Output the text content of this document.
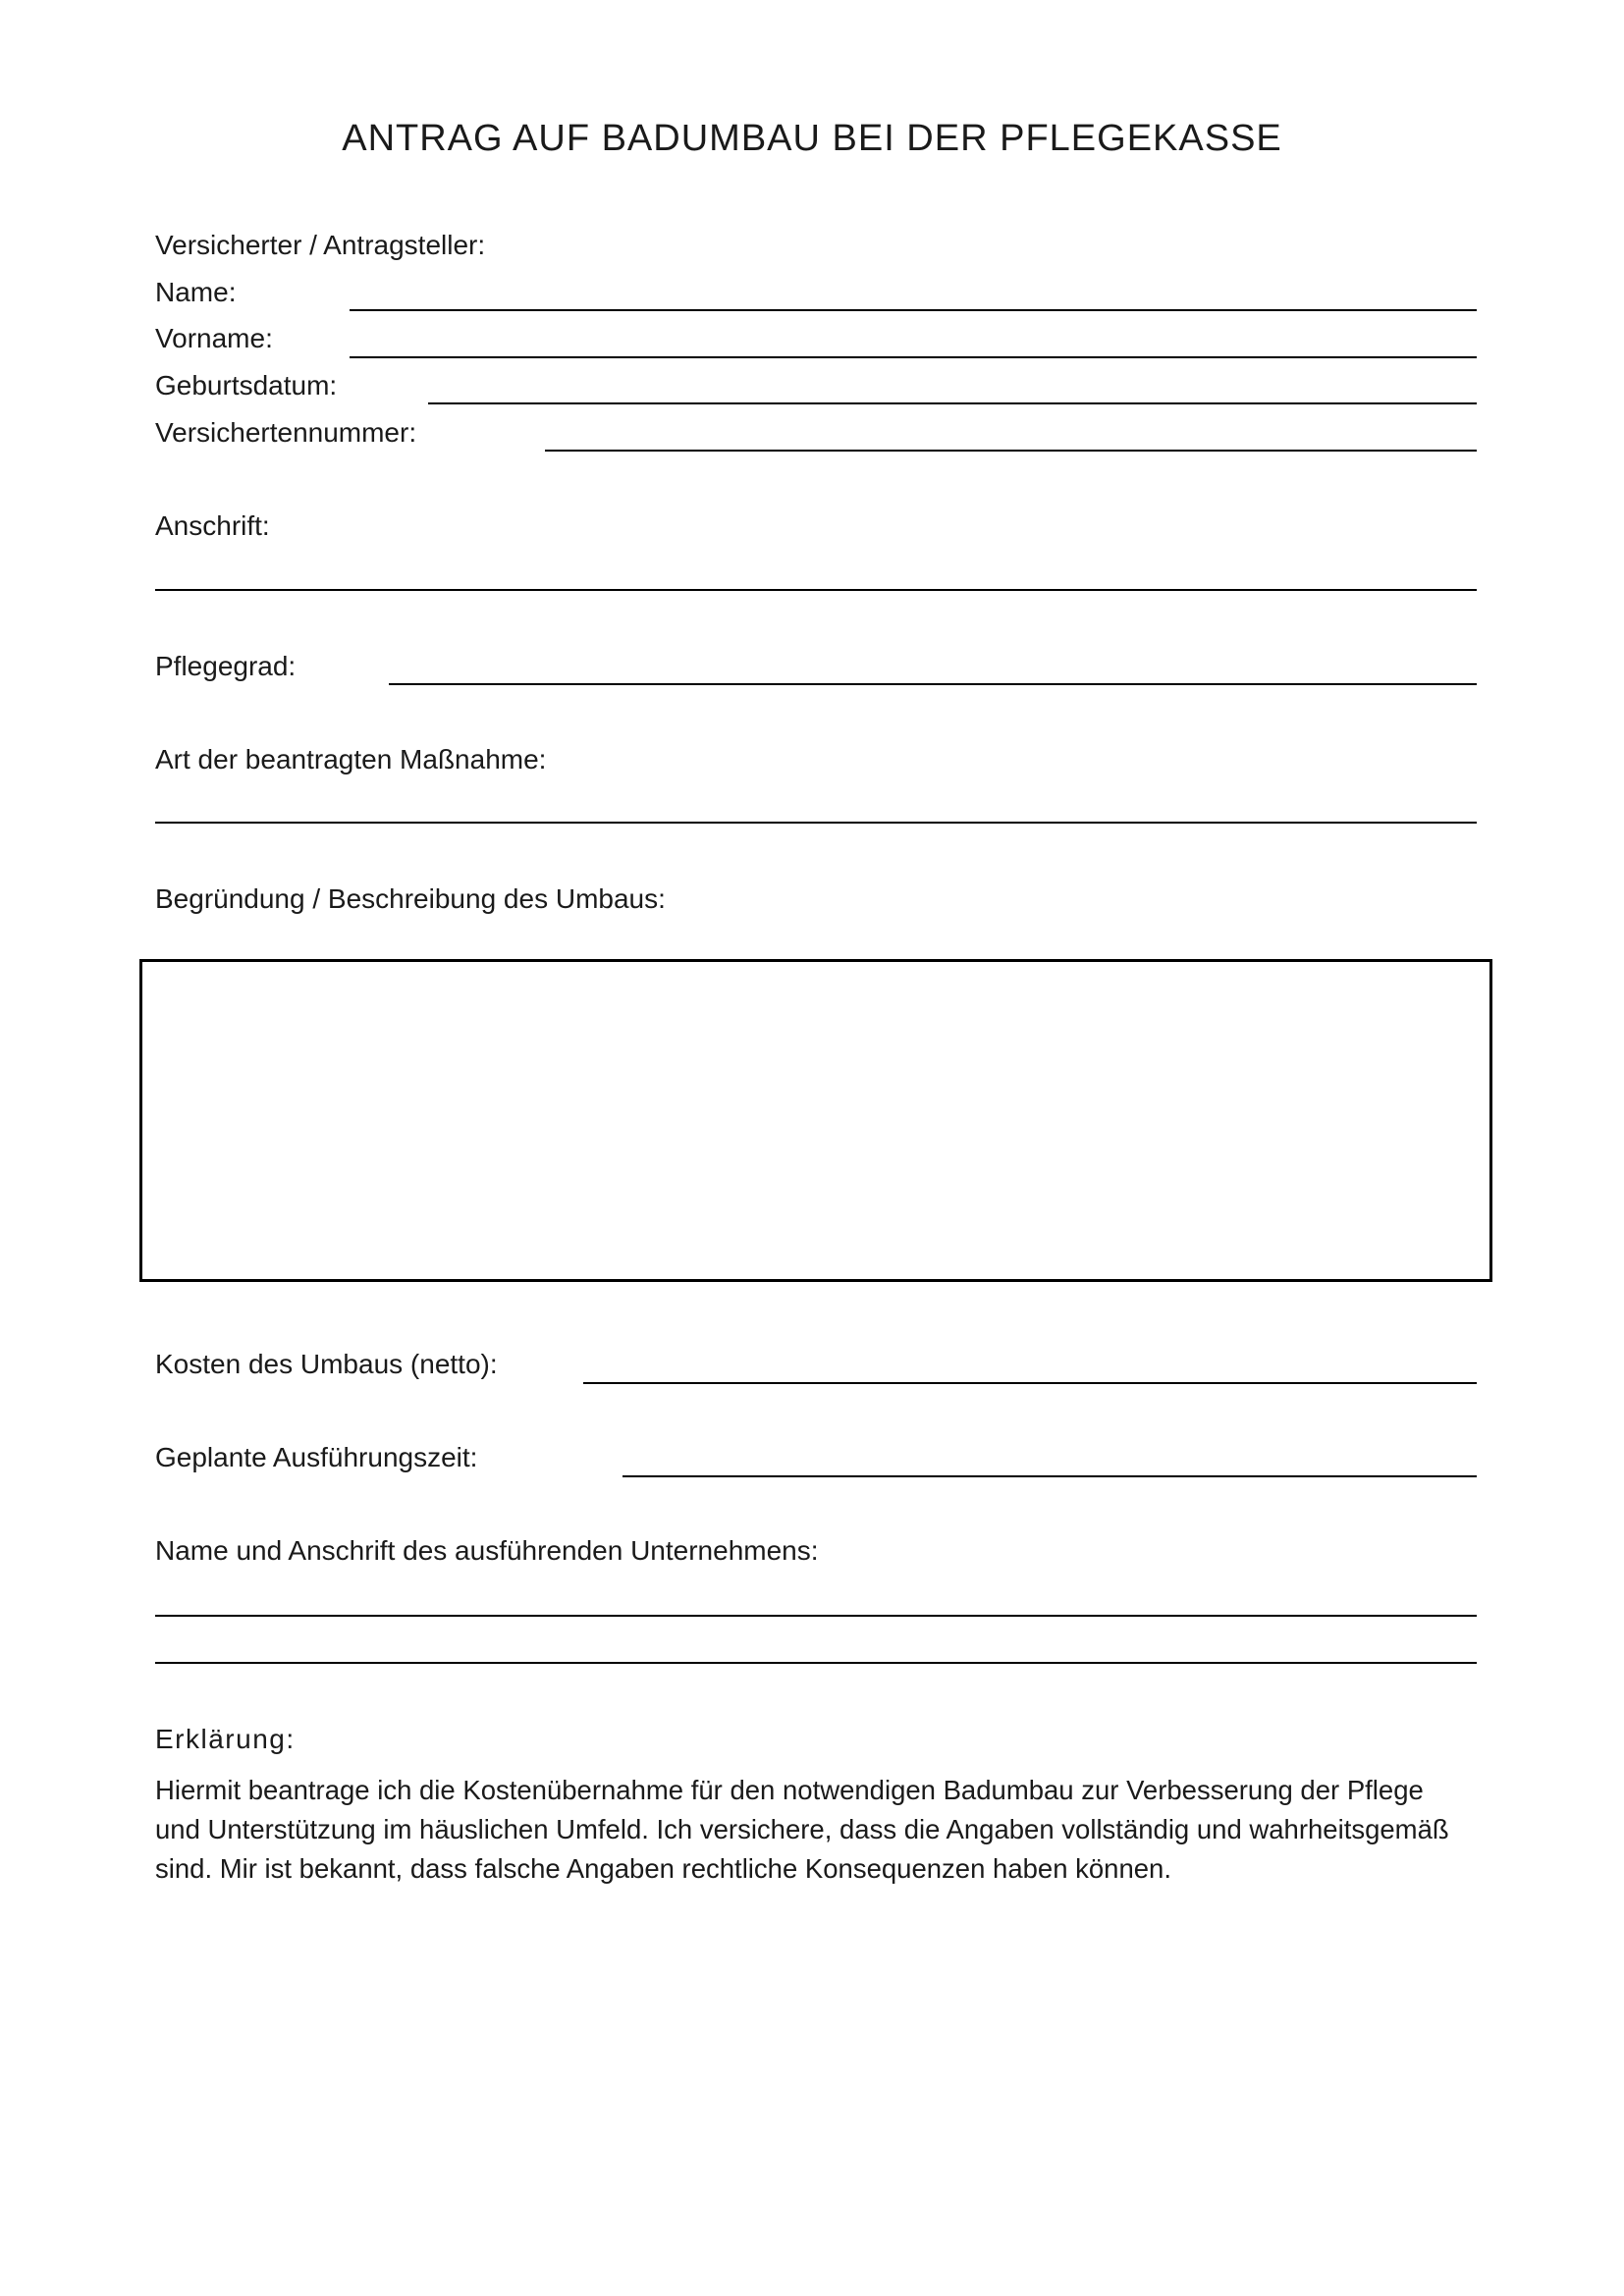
ANTRAG AUF BADUMBAU BEI DER PFLEGEKASSE
Versicherter / Antragsteller:
Name:
Vorname:
Geburtsdatum:
Versichertennummer:
Anschrift:
Pflegegrad:
Art der beantragten Maßnahme:
Begründung / Beschreibung des Umbaus:
Kosten des Umbaus (netto):
Geplante Ausführungszeit:
Name und Anschrift des ausführenden Unternehmens:
Erklärung:
Hiermit beantrage ich die Kostenübernahme für den notwendigen Badumbau zur Verbesserung der Pflege
und Unterstützung im häuslichen Umfeld. Ich versichere, dass die Angaben vollständig und wahrheitsgemäß
sind. Mir ist bekannt, dass falsche Angaben rechtliche Konsequenzen haben können.
